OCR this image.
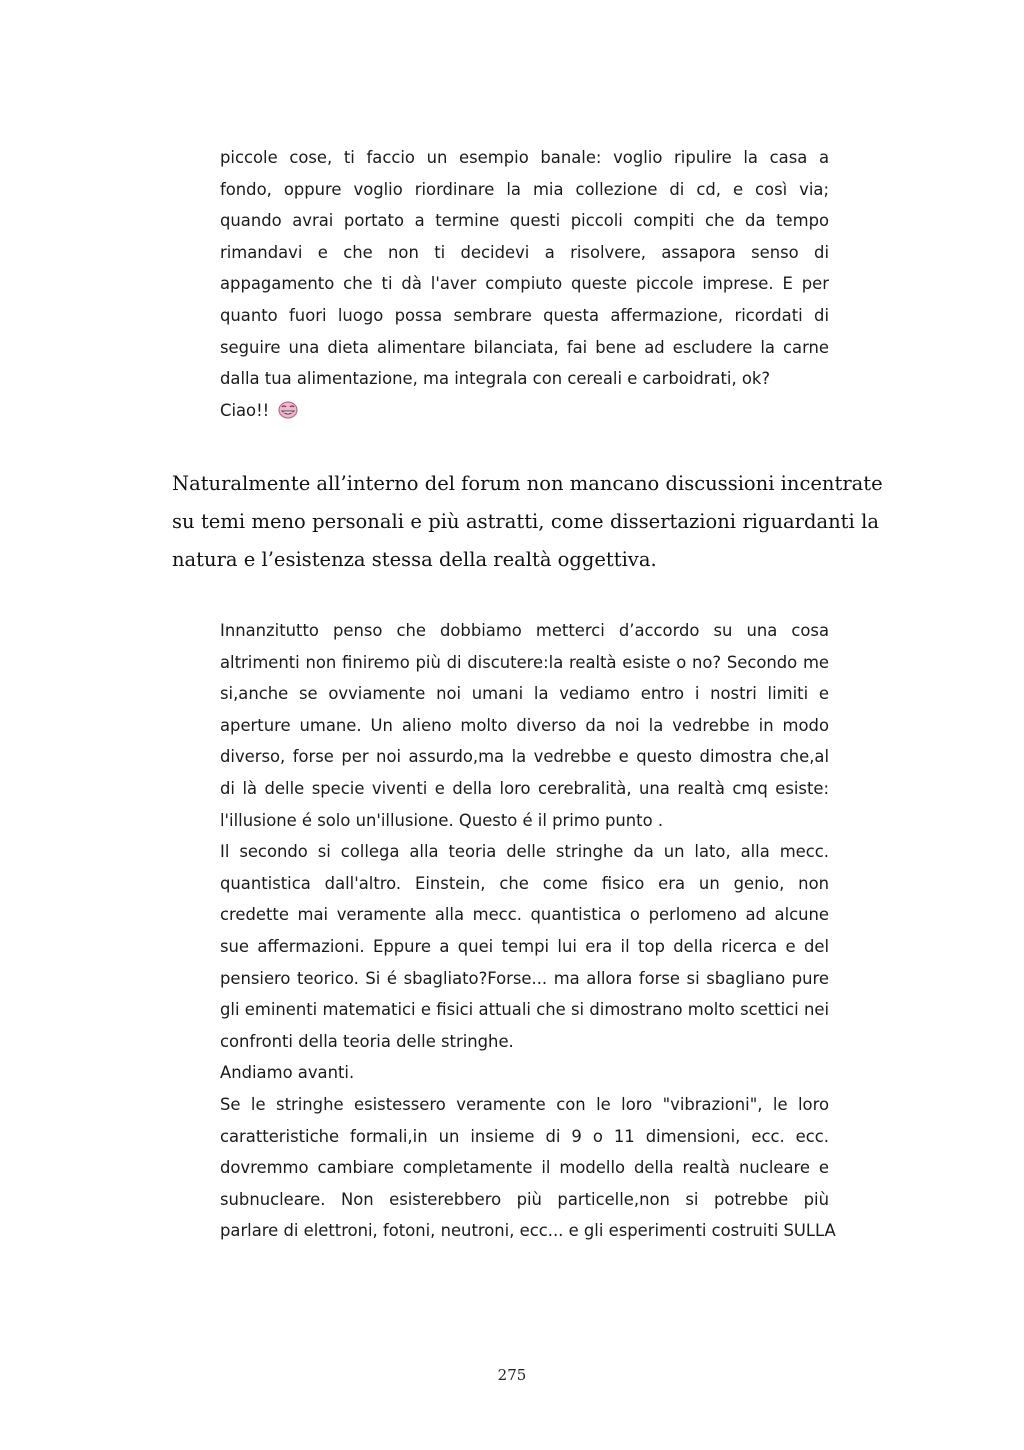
piccole cose, ti faccio un esempio banale: voglio ripulire la casa a
fondo, oppure voglio riordinare la mia collezione di cd, e così via;
quando avrai portato a termine questi piccoli compiti che da tempo
rimandavi e che non ti decidevi a risolvere, assapora senso di
appagamento che ti dà l'aver compiuto queste piccole imprese. E per
quanto fuori luogo possa sembrare questa affermazione, ricordati di
seguire una dieta alimentare bilanciata, fai bene ad escludere la carne
dalla tua alimentazione, ma integrala con cereali e carboidrati, ok?
Ciao!!
Naturalmente all’interno del forum non mancano discussioni incentrate
su temi meno personali e più astratti, come dissertazioni riguardanti la
natura e l’esistenza stessa della realtà oggettiva.
Innanzitutto penso che dobbiamo metterci d’accordo su una cosa
altrimenti non finiremo più di discutere:la realtà esiste o no? Secondo me
si,anche se ovviamente noi umani la vediamo entro i nostri limiti e
aperture umane. Un alieno molto diverso da noi la vedrebbe in modo
diverso, forse per noi assurdo,ma la vedrebbe e questo dimostra che,al
di là delle specie viventi e della loro cerebralità, una realtà cmq esiste:
l'illusione é solo un'illusione. Questo é il primo punto .
Il secondo si collega alla teoria delle stringhe da un lato, alla mecc.
quantistica dall'altro. Einstein, che come fisico era un genio, non
credette mai veramente alla mecc. quantistica o perlomeno ad alcune
sue affermazioni. Eppure a quei tempi lui era il top della ricerca e del
pensiero teorico. Si é sbagliato?Forse... ma allora forse si sbagliano pure
gli eminenti matematici e fisici attuali che si dimostrano molto scettici nei
confronti della teoria delle stringhe.
Andiamo avanti.
Se le stringhe esistessero veramente con le loro "vibrazioni", le loro
caratteristiche formali,in un insieme di 9 o 11 dimensioni, ecc. ecc.
dovremmo cambiare completamente il modello della realtà nucleare e
subnucleare. Non esisterebbero più particelle,non si potrebbe più
parlare di elettroni, fotoni, neutroni, ecc... e gli esperimenti costruiti SULLA
275
